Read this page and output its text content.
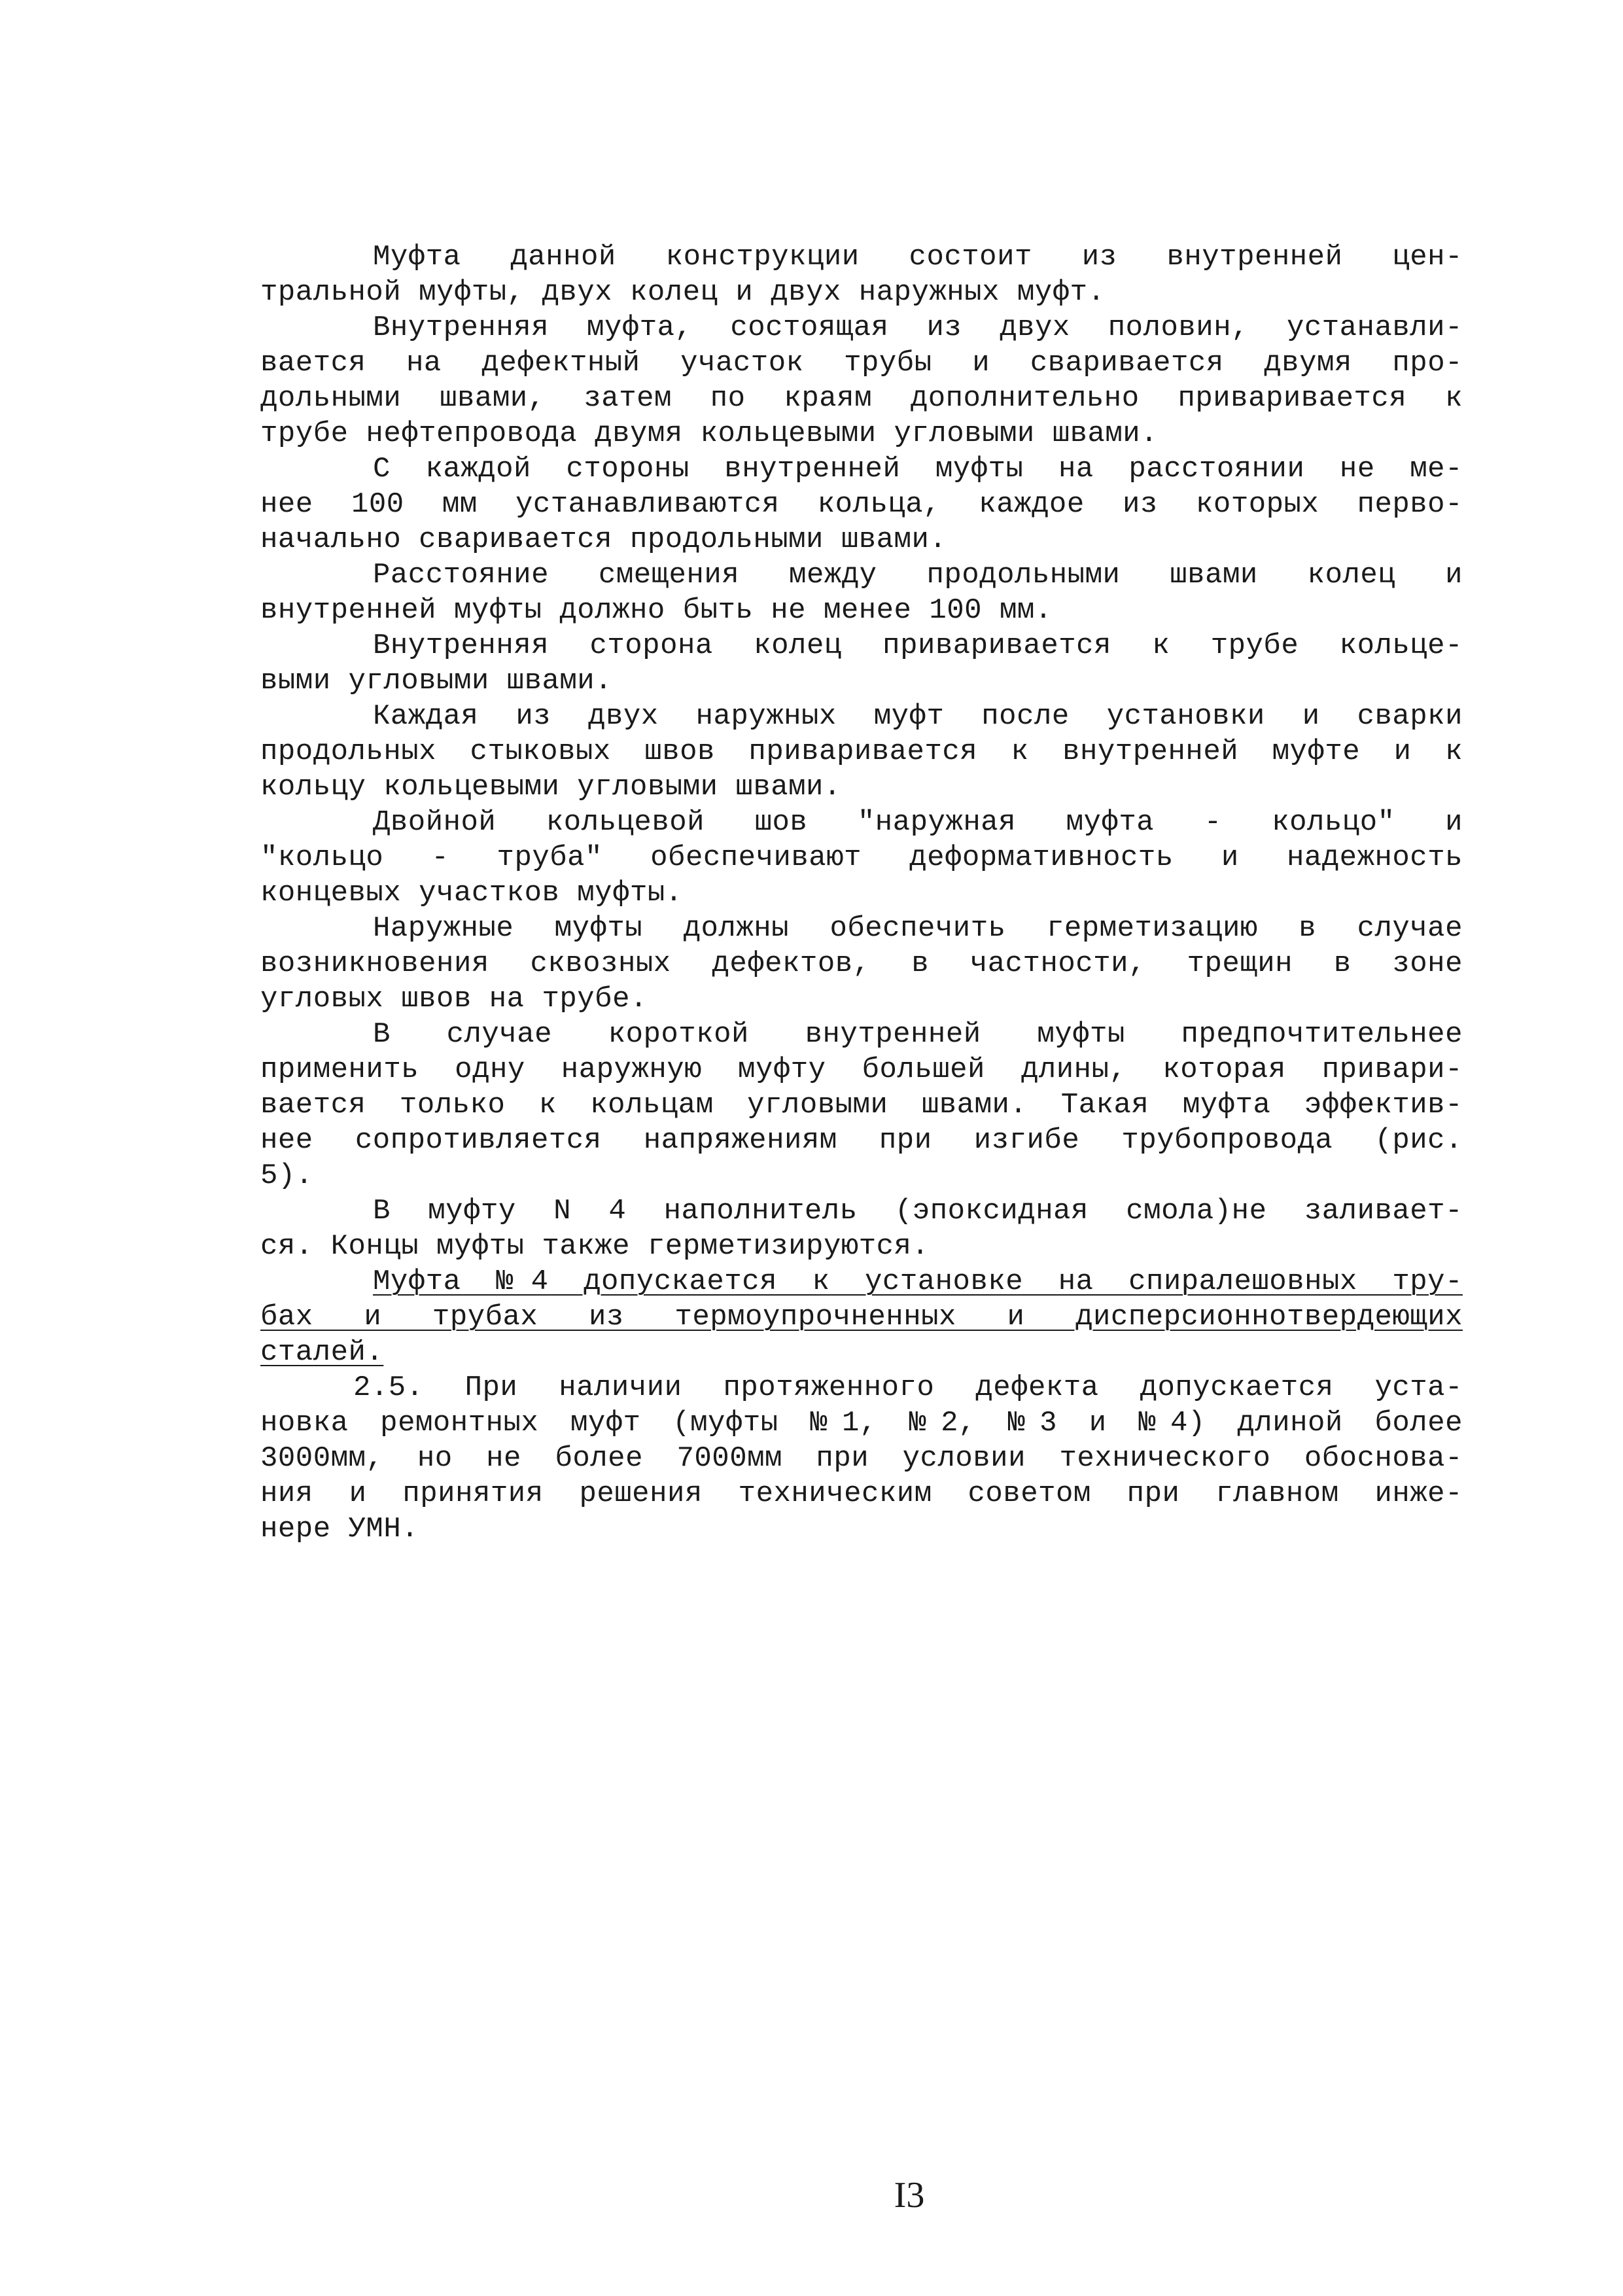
Муфта данной конструкции состоит из внутренней цен-
тральной муфты, двух колец и двух наружных муфт.
Внутренняя муфта, состоящая из двух половин, устанавли-
вается на дефектный участок трубы и сваривается двумя про-
дольными швами, затем по краям дополнительно приваривается к
трубе нефтепровода двумя кольцевыми угловыми швами.
С каждой стороны внутренней муфты на расстоянии не ме-
нее 100 мм устанавливаются кольца, каждое из которых перво-
начально сваривается продольными швами.
Расстояние смещения между продольными швами колец и
внутренней муфты должно быть не менее 100 мм.
Внутренняя сторона колец приваривается к трубе кольце-
выми угловыми швами.
Каждая из двух наружных муфт после установки и сварки
продольных стыковых швов приваривается к внутренней муфте и к
кольцу кольцевыми угловыми швами.
Двойной кольцевой шов "наружная муфта - кольцо" и
"кольцо - труба" обеспечивают деформативность и надежность
концевых участков муфты.
Наружные муфты должны обеспечить герметизацию в случае
возникновения сквозных дефектов, в частности, трещин в зоне
угловых швов на трубе.
В случае короткой внутренней муфты предпочтительнее
применить одну наружную муфту большей длины, которая привари-
вается только к кольцам угловыми швами. Такая муфта эффектив-
нее сопротивляется напряжениям при изгибе трубопровода (рис.
5).
В муфту N 4 наполнитель (эпоксидная смола)не заливает-
ся. Концы муфты также герметизируются.
Муфта №4 допускается к установке на спиралешовных тру-
бах и трубах из термоупрочненных и дисперсионнотвердеющих
сталей.
2.5. При наличии протяженного дефекта допускается уста-
новка ремонтных муфт (муфты №1, №2, №3 и №4) длиной более
3000мм, но не более 7000мм при условии технического обоснова-
ния и принятия решения техническим советом при главном инже-
нере УМН.
I3
